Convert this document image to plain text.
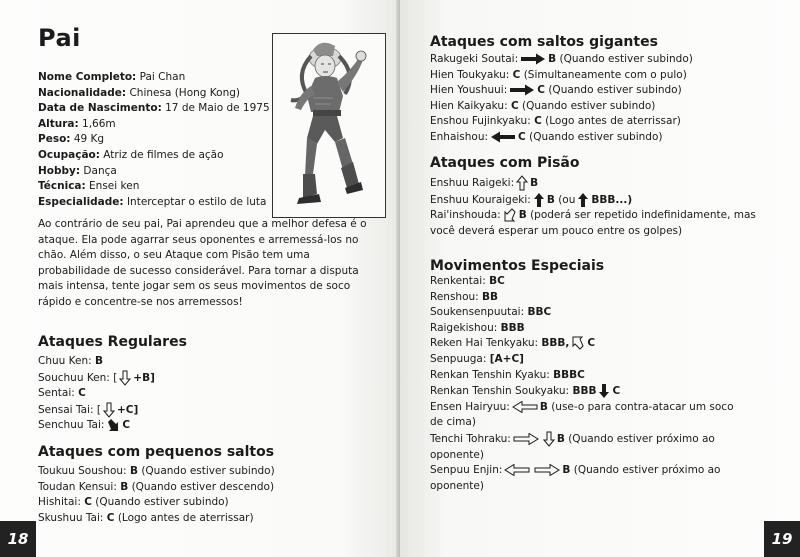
Pai
Nome Completo: Pai Chan
Nacionalidade: Chinesa (Hong Kong)
Data de Nascimento: 17 de Maio de 1975
Altura: 1,66m
Peso: 49 Kg
Ocupação: Atriz de filmes de ação
Hobby: Dança
Técnica: Ensei ken
Especialidade: Interceptar o estilo de luta
Ao contrário de seu pai, Pai aprendeu que a melhor defesa é o ataque. Ela pode agarrar seus oponentes e arremessá-los no chão. Além disso, o seu Ataque com Pisão tem uma probabilidade de sucesso considerável. Para tornar a disputa mais intensa, tente jogar sem os seus movimentos de soco rápido e concentre-se nos arremessos!
Ataques Regulares
Chuu Ken: B
Souchuu Ken: [ +B]
Sentai: C
Sensai Tai: [ +C]
Senchuu Tai: C
Ataques com pequenos saltos
Toukuu Soushou: B (Quando estiver subindo)
Toudan Kensui: B (Quando estiver descendo)
Hishitai: C (Quando estiver subindo)
Skushuu Tai: C (Logo antes de aterrissar)
18
Ataques com saltos gigantes
Rakugeki Soutai:	B (Quando estiver subindo)
Hien Toukyaku: C (Simultaneamente com o pulo)
Hien Youshuui:	C (Quando estiver subindo)
Hien Kaikyaku: C (Quando estiver subindo)
Enshou Fujinkyaku: C (Logo antes de aterrissar)
Enhaishou:	C (Quando estiver subindo)
Ataques com Pisão
Enshuu Raigeki: B
Enshuu Kouraigeki: B (ou BBB...)
Rai'inshouda: B (poderá ser repetido indefinidamente, mas você deverá esperar um pouco entre os golpes)
Movimentos Especiais
Renkentai: BC
Renshou: BB
Soukensenpuutai: BBC
Raigekishou: BBB
Reken Hai Tenkyaku: BBB, C
Senpuuga: [A+C]
Renkan Tenshin Kyaku: BBBC
Renkan Tenshin Soukyaku: BBB C
Ensen Hairyuu:	B (use-o para contra-atacar um soco de cima)
Tenchi Tohraku:	B (Quando estiver próximo ao oponente)
Senpuu Enjin:	B (Quando estiver próximo ao oponente)
19
